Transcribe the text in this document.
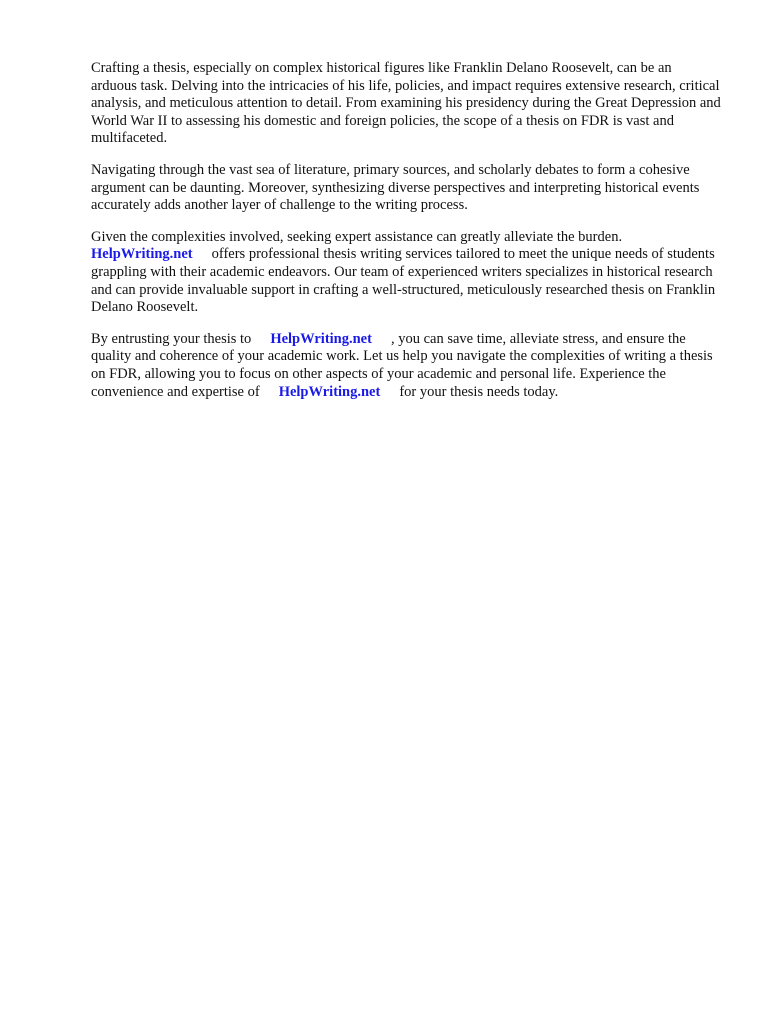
Crafting a thesis, especially on complex historical figures like Franklin Delano Roosevelt, can be an arduous task. Delving into the intricacies of his life, policies, and impact requires extensive research, critical analysis, and meticulous attention to detail. From examining his presidency during the Great Depression and World War II to assessing his domestic and foreign policies, the scope of a thesis on FDR is vast and multifaceted.

Navigating through the vast sea of literature, primary sources, and scholarly debates to form a cohesive argument can be daunting. Moreover, synthesizing diverse perspectives and interpreting historical events accurately adds another layer of challenge to the writing process.

Given the complexities involved, seeking expert assistance can greatly alleviate the burden.
HelpWriting.net offers professional thesis writing services tailored to meet the unique needs of students grappling with their academic endeavors. Our team of experienced writers specializes in historical research and can provide invaluable support in crafting a well-structured, meticulously researched thesis on Franklin Delano Roosevelt.

By entrusting your thesis to HelpWriting.net , you can save time, alleviate stress, and ensure the quality and coherence of your academic work. Let us help you navigate the complexities of writing a thesis on FDR, allowing you to focus on other aspects of your academic and personal life. Experience the convenience and expertise of HelpWriting.net for your thesis needs today.
